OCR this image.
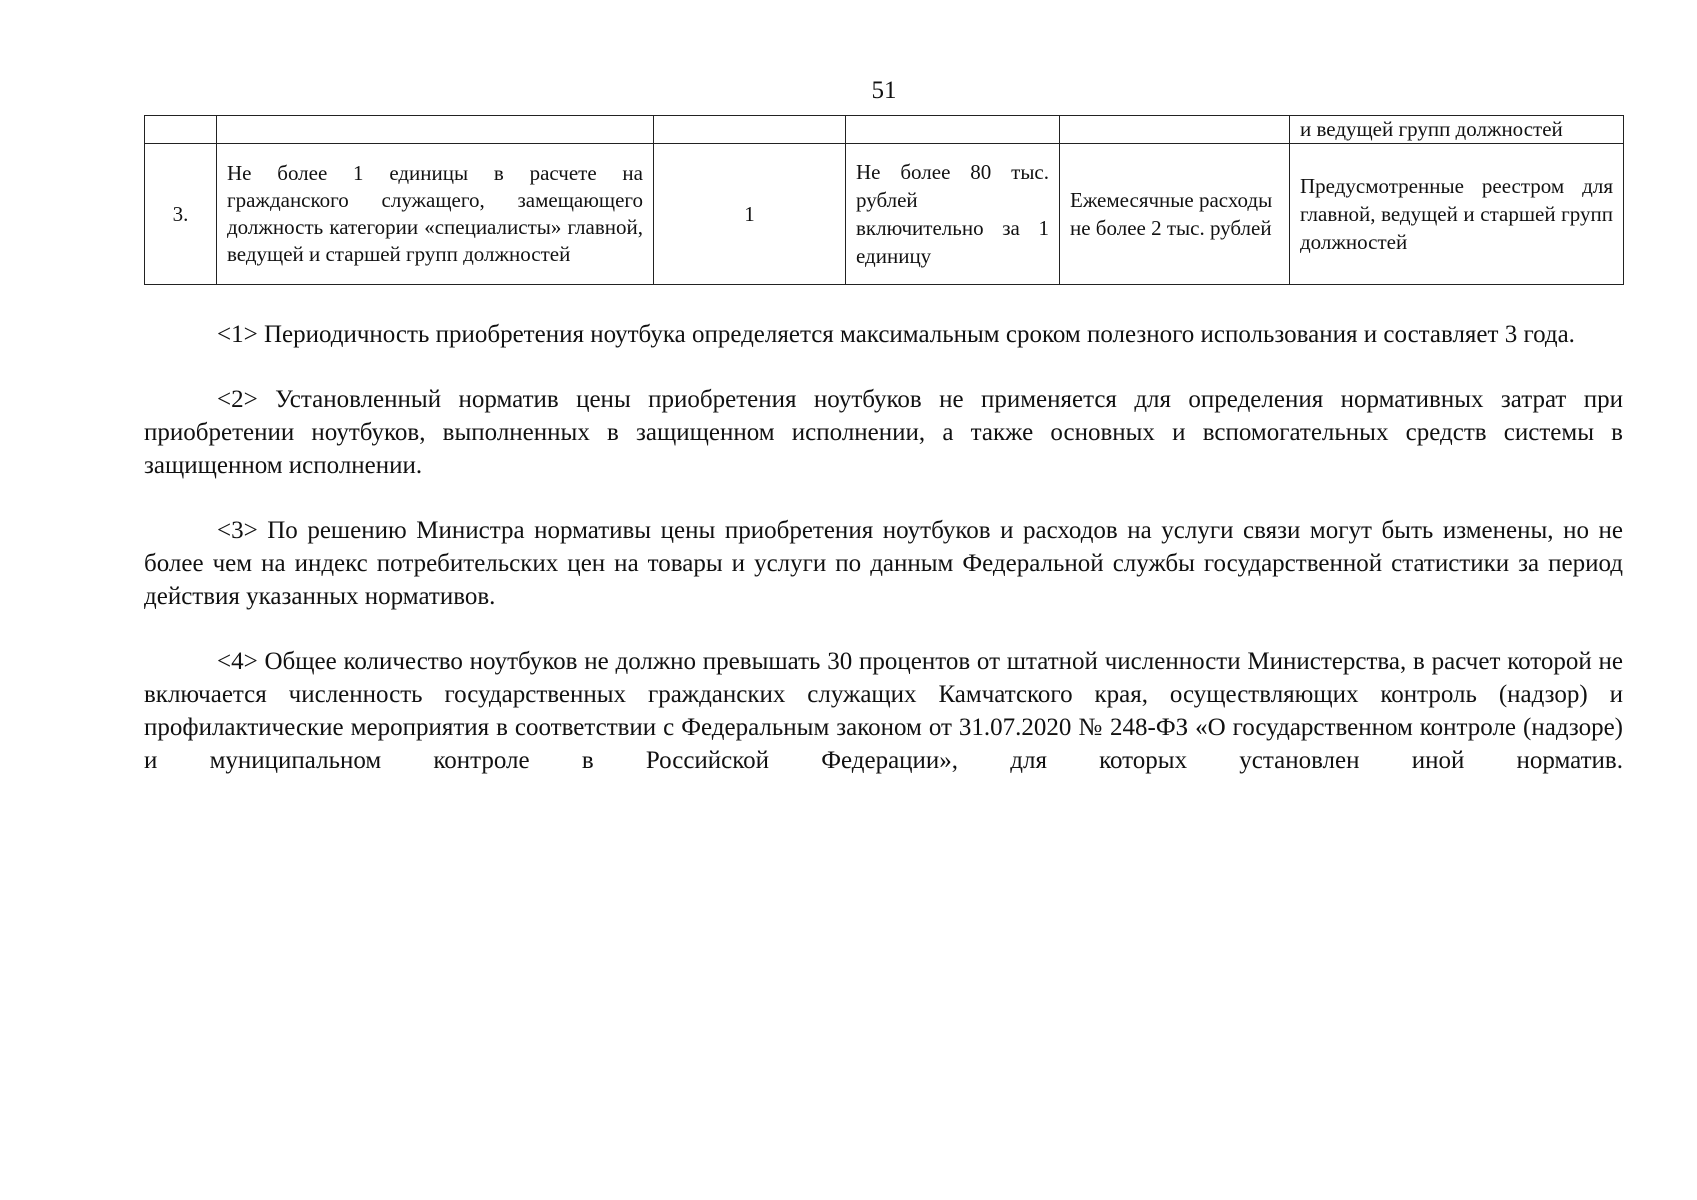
51
					и ведущей групп должностей
3.	Не более 1 единицы в расчете на гражданского служащего, замещающего должность категории «специалисты» главной, ведущей и старшей групп должностей	1	Не более 80 тыс. рублей включительно за 1 единицу	Ежемесячные расходы не более 2 тыс. рублей	Предусмотренные реестром для главной, ведущей и старшей групп должностей

<1> Периодичность приобретения ноутбука определяется максимальным сроком полезного использования и составляет 3 года.

<2> Установленный норматив цены приобретения ноутбуков не применяется для определения нормативных затрат при приобретении ноутбуков, выполненных в защищенном исполнении, а также основных и вспомогательных средств системы в защищенном исполнении.

<3> По решению Министра нормативы цены приобретения ноутбуков и расходов на услуги связи могут быть изменены, но не более чем на индекс потребительских цен на товары и услуги по данным Федеральной службы государственной статистики за период действия указанных нормативов.

<4> Общее количество ноутбуков не должно превышать 30 процентов от штатной численности Министерства, в расчет которой не включается численность государственных гражданских служащих Камчатского края, осуществляющих контроль (надзор) и профилактические мероприятия в соответствии с Федеральным законом от 31.07.2020 № 248-ФЗ «О государственном контроле (надзоре) и муниципальном контроле в Российской Федерации», для которых установлен иной норматив.
